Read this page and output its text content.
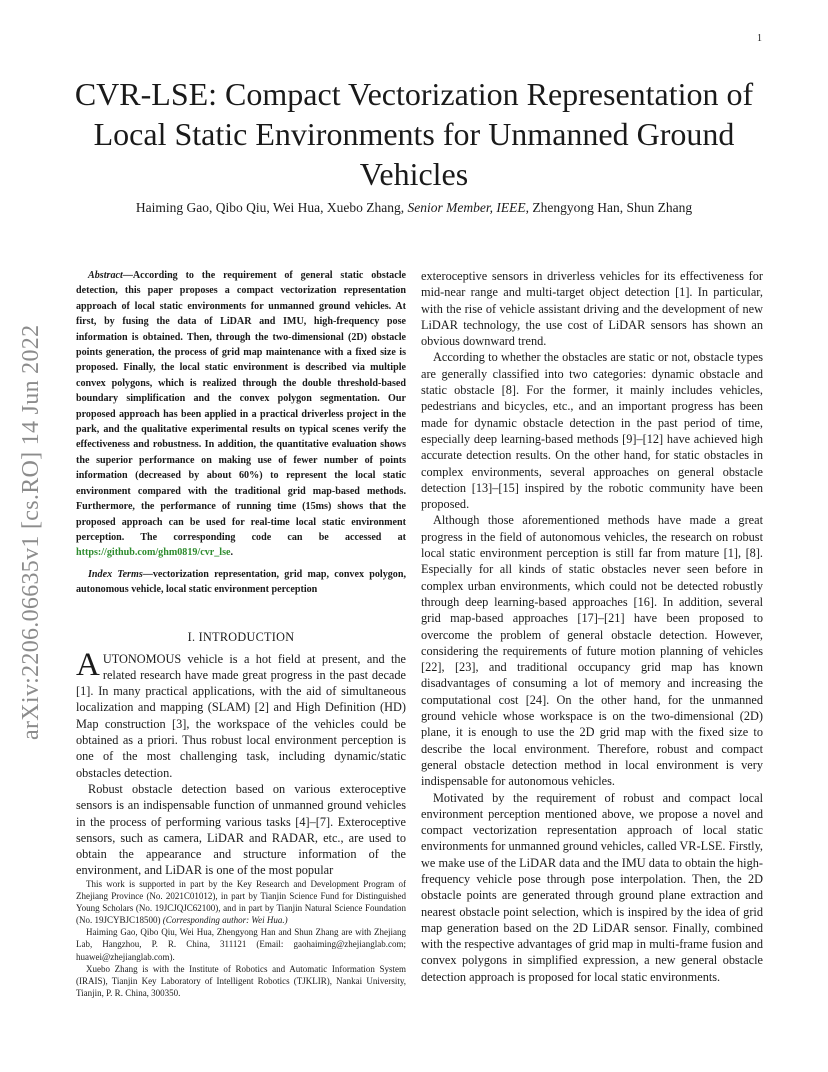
1
arXiv:2206.06635v1 [cs.RO] 14 Jun 2022
CVR-LSE: Compact Vectorization Representation of Local Static Environments for Unmanned Ground Vehicles
Haiming Gao, Qibo Qiu, Wei Hua, Xuebo Zhang, Senior Member, IEEE, Zhengyong Han, Shun Zhang

Abstract—According to the requirement of general static obstacle detection, this paper proposes a compact vectorization representation approach of local static environments for unmanned ground vehicles. At first, by fusing the data of LiDAR and IMU, high-frequency pose information is obtained. Then, through the two-dimensional (2D) obstacle points generation, the process of grid map maintenance with a fixed size is proposed. Finally, the local static environment is described via multiple convex polygons, which is realized through the double threshold-based boundary simplification and the convex polygon segmentation. Our proposed approach has been applied in a practical driverless project in the park, and the qualitative experimental results on typical scenes verify the effectiveness and robustness. In addition, the quantitative evaluation shows the superior performance on making use of fewer number of points information (decreased by about 60%) to represent the local static environment compared with the traditional grid map-based methods. Furthermore, the performance of running time (15ms) shows that the proposed approach can be used for real-time local static environment perception. The corresponding code can be accessed at https://github.com/ghm0819/cvr_lse.

Index Terms—vectorization representation, grid map, convex polygon, autonomous vehicle, local static environment perception

I. INTRODUCTION

AUTONOMOUS vehicle is a hot field at present, and the related research have made great progress in the past decade [1]. In many practical applications, with the aid of simultaneous localization and mapping (SLAM) [2] and High Definition (HD) Map construction [3], the workspace of the vehicles could be obtained as a priori. Thus robust local environment perception is one of the most challenging task, including dynamic/static obstacles detection.

Robust obstacle detection based on various exteroceptive sensors is an indispensable function of unmanned ground vehicles in the process of performing various tasks [4]–[7]. Exteroceptive sensors, such as camera, LiDAR and RADAR, etc., are used to obtain the appearance and structure information of the environment, and LiDAR is one of the most popular

This work is supported in part by the Key Research and Development Program of Zhejiang Province (No. 2021C01012), in part by Tianjin Science Fund for Distinguished Young Scholars (No. 19JCJQJC62100), and in part by Tianjin Natural Science Foundation (No. 19JCYBJC18500) (Corresponding author: Wei Hua.)

Haiming Gao, Qibo Qiu, Wei Hua, Zhengyong Han and Shun Zhang are with Zhejiang Lab, Hangzhou, P. R. China, 311121 (Email: gaohaiming@zhejianglab.com; huawei@zhejianglab.com).

Xuebo Zhang is with the Institute of Robotics and Automatic Information System (IRAIS), Tianjin Key Laboratory of Intelligent Robotics (TJKLIR), Nankai University, Tianjin, P. R. China, 300350.

exteroceptive sensors in driverless vehicles for its effectiveness for mid-near range and multi-target object detection [1]. In particular, with the rise of vehicle assistant driving and the development of new LiDAR technology, the use cost of LiDAR sensors has shown an obvious downward trend.

According to whether the obstacles are static or not, obstacle types are generally classified into two categories: dynamic obstacle and static obstacle [8]. For the former, it mainly includes vehicles, pedestrians and bicycles, etc., and an important progress has been made for dynamic obstacle detection in the past period of time, especially deep learning-based methods [9]–[12] have achieved high accurate detection results. On the other hand, for static obstacles in complex environments, several approaches on general obstacle detection [13]–[15] inspired by the robotic community have been proposed.

Although those aforementioned methods have made a great progress in the field of autonomous vehicles, the research on robust local static environment perception is still far from mature [1], [8]. Especially for all kinds of static obstacles never seen before in complex urban environments, which could not be detected robustly through deep learning-based approaches [16]. In addition, several grid map-based approaches [17]–[21] have been proposed to overcome the problem of general obstacle detection. However, considering the requirements of future motion planning of vehicles [22], [23], and traditional occupancy grid map has known disadvantages of consuming a lot of memory and increasing the computational cost [24]. On the other hand, for the unmanned ground vehicle whose workspace is on the two-dimensional (2D) plane, it is enough to use the 2D grid map with the fixed size to describe the local environment. Therefore, robust and compact general obstacle detection method in local environment is very indispensable for autonomous vehicles.

Motivated by the requirement of robust and compact local environment perception mentioned above, we propose a novel and compact vectorization representation approach of local static environments for unmanned ground vehicles, called VR-LSE. Firstly, we make use of the LiDAR data and the IMU data to obtain the high-frequency vehicle pose through pose interpolation. Then, the 2D obstacle points are generated through ground plane extraction and nearest obstacle point selection, which is inspired by the idea of grid map generation based on the 2D LiDAR sensor. Finally, combined with the respective advantages of grid map in multi-frame fusion and convex polygons in simplified expression, a new general obstacle detection approach is proposed for local static environments.
